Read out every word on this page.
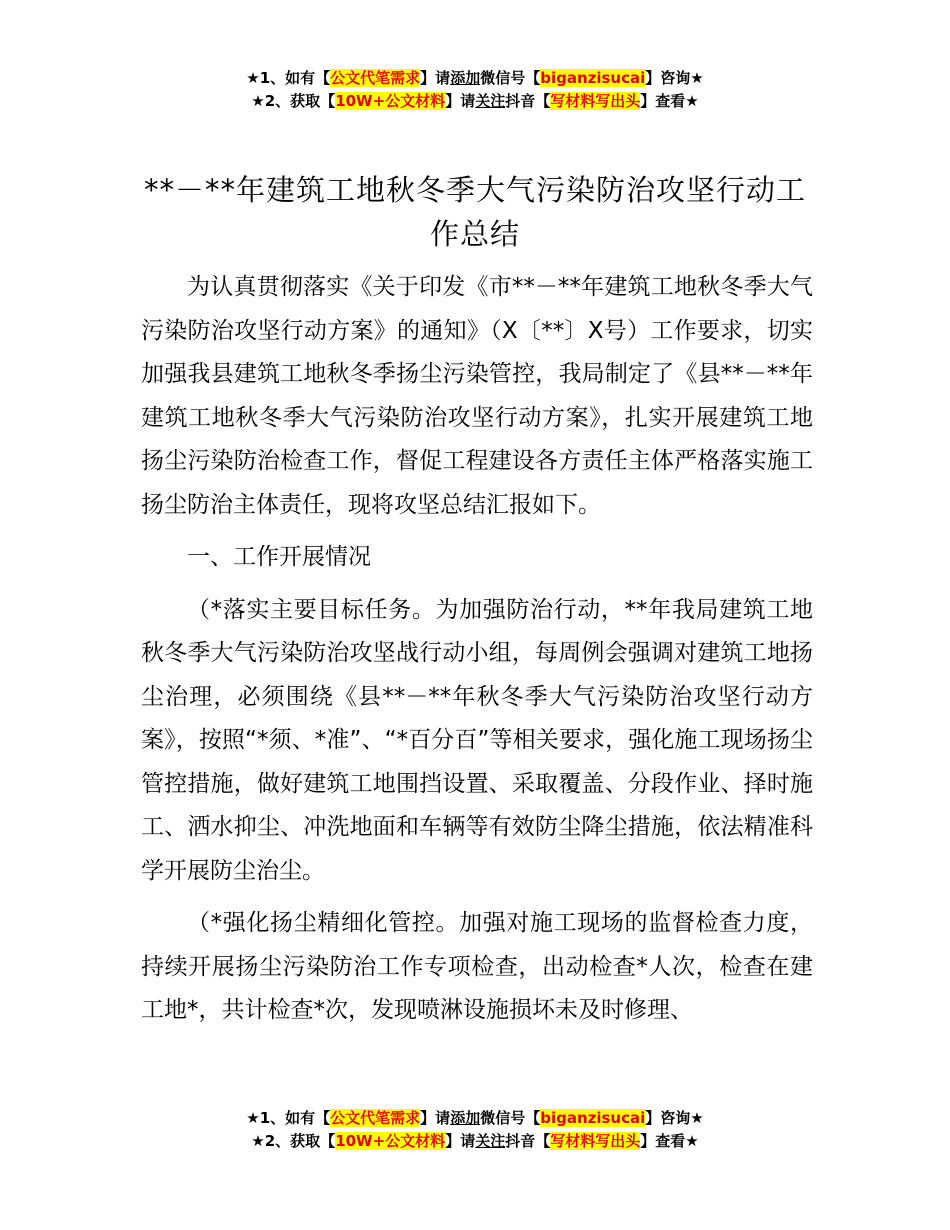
★1、如有【公文代笔需求】请添加微信号【biganzisucai】咨询★
★2、获取【10W+公文材料】请关注抖音【写材料写出头】查看★
**－**年建筑工地秋冬季大气污染防治攻坚行动工作总结

为认真贯彻落实《关于印发《市**－**年建筑工地秋冬季大气污染防治攻坚行动方案》的通知》（X〔**〕X号）工作要求，切实加强我县建筑工地秋冬季扬尘污染管控，我局制定了《县**－**年建筑工地秋冬季大气污染防治攻坚行动方案》，扎实开展建筑工地扬尘污染防治检查工作，督促工程建设各方责任主体严格落实施工扬尘防治主体责任，现将攻坚总结汇报如下。

一、工作开展情况

（*落实主要目标任务。为加强防治行动，**年我局建筑工地秋冬季大气污染防治攻坚战行动小组，每周例会强调对建筑工地扬尘治理，必须围绕《县**－**年秋冬季大气污染防治攻坚行动方案》，按照“*须、*准”、“*百分百”等相关要求，强化施工现场扬尘管控措施，做好建筑工地围挡设置、采取覆盖、分段作业、择时施工、洒水抑尘、冲洗地面和车辆等有效防尘降尘措施，依法精准科学开展防尘治尘。

（*强化扬尘精细化管控。加强对施工现场的监督检查力度，持续开展扬尘污染防治工作专项检查，出动检查*人次，检查在建工地*，共计检查*次，发现喷淋设施损坏未及时修理、

★1、如有【公文代笔需求】请添加微信号【biganzisucai】咨询★
★2、获取【10W+公文材料】请关注抖音【写材料写出头】查看★
